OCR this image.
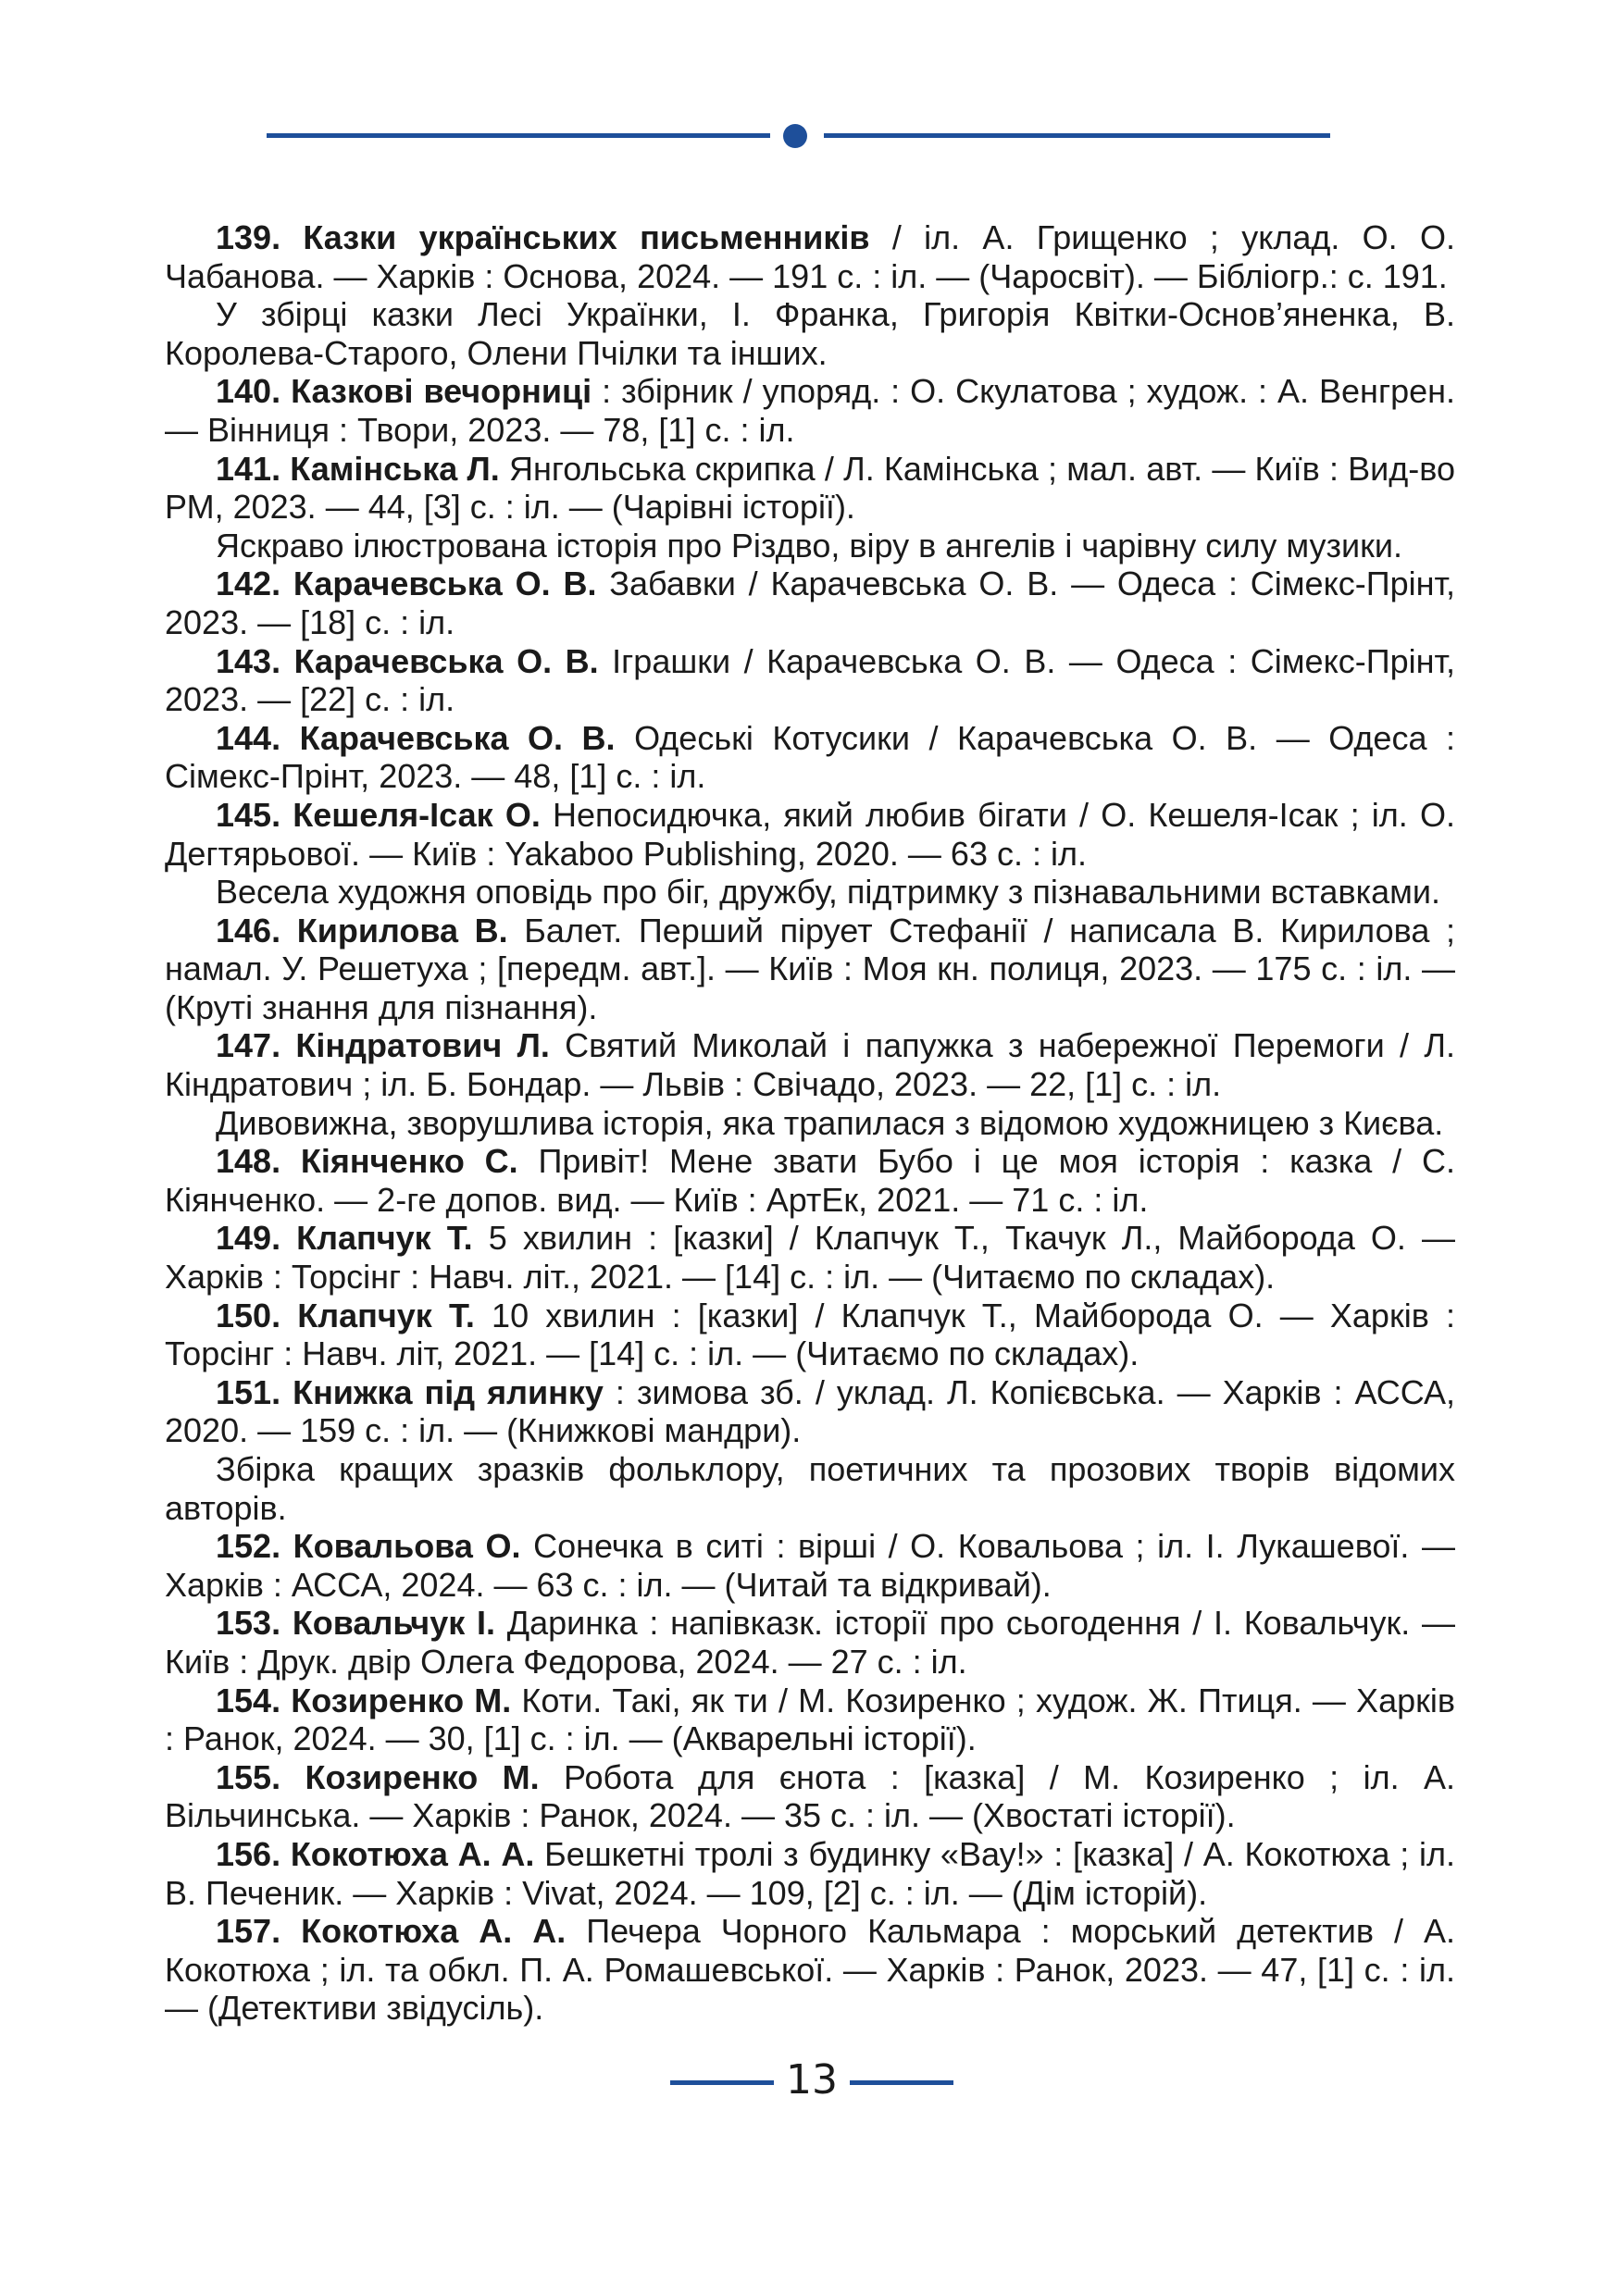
139. Казки українських письменників / іл. А. Грищенко ; уклад. О. О. Чабанова. — Харків : Основа, 2024. — 191 с. : іл. — (Чаросвіт). — Бібліогр.: с. 191.

У збірці казки Лесі Українки, І. Франка, Григорія Квітки-Основ’яненка, В. Королева-Старого, Олени Пчілки та інших.

140. Казкові вечорниці : збірник / упоряд. : О. Скулатова ; худож. : А. Венгрен. — Вінниця : Твори, 2023. — 78, [1] с. : іл.

141. Камінська Л. Янгольська скрипка / Л. Камінська ; мал. авт. — Київ : Вид-во РМ, 2023. — 44, [3] с. : іл. — (Чарівні історії).

Яскраво ілюстрована історія про Різдво, віру в ангелів і чарівну силу музики.

142. Карачевська О. В. Забавки / Карачевська О. В. — Одеса : Сімекс-Прінт, 2023. — [18] с. : іл.

143. Карачевська О. В. Іграшки / Карачевська О. В. — Одеса : Сімекс-Прінт, 2023. — [22] с. : іл.

144. Карачевська О. В. Одеські Котусики / Карачевська О. В. — Одеса : Сімекс-Прінт, 2023. — 48, [1] с. : іл.

145. Кешеля-Ісак О. Непосидючка, який любив бігати / О. Кешеля-Ісак ; іл. О. Дегтярьової. — Київ : Yakaboo Publishing, 2020. — 63 с. : іл.

Весела художня оповідь про біг, дружбу, підтримку з пізнавальними вставками.

146. Кирилова В. Балет. Перший пірует Стефанії / написала В. Кирилова ; намал. У. Решетуха ; [передм. авт.]. — Київ : Моя кн. полиця, 2023. — 175 с. : іл. — (Круті знання для пізнання).

147. Кіндратович Л. Святий Миколай і папужка з набережної Перемоги / Л. Кіндратович ; іл. Б. Бондар. — Львів : Свічадо, 2023. — 22, [1] с. : іл.

Дивовижна, зворушлива історія, яка трапилася з відомою художницею з Києва.

148. Кіянченко С. Привіт! Мене звати Бубо і це моя історія : казка / С. Кіянченко. — 2-ге допов. вид. — Київ : АртЕк, 2021. — 71 с. : іл.

149. Клапчук Т. 5 хвилин : [казки] / Клапчук Т., Ткачук Л., Майборода О. — Харків : Торсінг : Навч. літ., 2021. — [14] с. : іл. — (Читаємо по складах).

150. Клапчук Т. 10 хвилин : [казки] / Клапчук Т., Майборода О. — Харків : Торсінг : Навч. літ, 2021. — [14] с. : іл. — (Читаємо по складах).

151. Книжка під ялинку : зимова зб. / уклад. Л. Копієвська. — Харків : АССА, 2020. — 159 с. : іл. — (Книжкові мандри).

Збірка кращих зразків фольклору, поетичних та прозових творів відомих авторів.

152. Ковальова О. Сонечка в ситі : вірші / О. Ковальова ; іл. І. Лукашевої. — Харків : АССА, 2024. — 63 с. : іл. — (Читай та відкривай).

153. Ковальчук І. Даринка : напівказк. історії про сьогодення / І. Ковальчук. — Київ : Друк. двір Олега Федорова, 2024. — 27 с. : іл.

154. Козиренко М. Коти. Такі, як ти / М. Козиренко ; худож. Ж. Птиця. — Харків : Ранок, 2024. — 30, [1] с. : іл. — (Акварельні історії).

155. Козиренко М. Робота для єнота : [казка] / М. Козиренко ; іл. А. Вільчинська. — Харків : Ранок, 2024. — 35 с. : іл. — (Хвостаті історії).

156. Кокотюха А. А. Бешкетні тролі з будинку «Вау!» : [казка] / А. Кокотюха ; іл. В. Печеник. — Харків : Vivat, 2024. — 109, [2] с. : іл. — (Дім історій).

157. Кокотюха А. А. Печера Чорного Кальмара : морський детектив / А. Кокотюха ; іл. та обкл. П. А. Ромашевської. — Харків : Ранок, 2023. — 47, [1] с. : іл. — (Детективи звідусіль).

13
